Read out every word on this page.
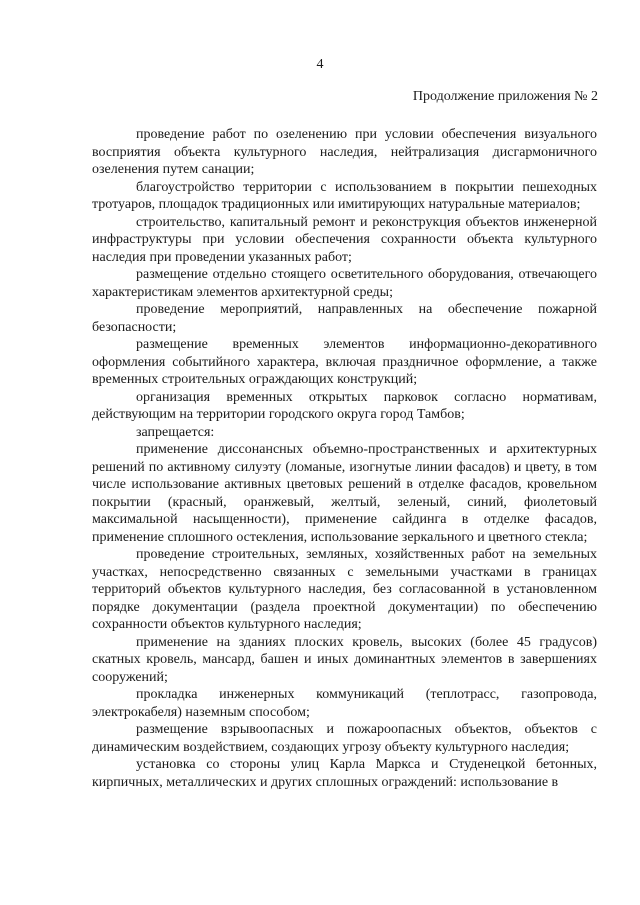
4
Продолжение приложения № 2

проведение работ по озеленению при условии обеспечения визуального восприятия объекта культурного наследия, нейтрализация дисгармоничного озеленения путем санации;

благоустройство территории с использованием в покрытии пешеходных тротуаров, площадок традиционных или имитирующих натуральные материалов;

строительство, капитальный ремонт и реконструкция объектов инженерной инфраструктуры при условии обеспечения сохранности объекта культурного наследия при проведении указанных работ;

размещение отдельно стоящего осветительного оборудования, отвечающего характеристикам элементов архитектурной среды;

проведение мероприятий, направленных на обеспечение пожарной безопасности;

размещение временных элементов информационно-декоративного оформления событийного характера, включая праздничное оформление, а также временных строительных ограждающих конструкций;

организация временных открытых парковок согласно нормативам, действующим на территории городского округа город Тамбов;

запрещается:

применение диссонансных объемно-пространственных и архитектурных решений по активному силуэту (ломаные, изогнутые линии фасадов) и цвету, в том числе использование активных цветовых решений в отделке фасадов, кровельном покрытии (красный, оранжевый, желтый, зеленый, синий, фиолетовый максимальной насыщенности), применение сайдинга в отделке фасадов, применение сплошного остекления, использование зеркального и цветного стекла;

проведение строительных, земляных, хозяйственных работ на земельных участках, непосредственно связанных с земельными участками в границах территорий объектов культурного наследия, без согласованной в установленном порядке документации (раздела проектной документации) по обеспечению сохранности объектов культурного наследия;

применение на зданиях плоских кровель, высоких (более 45 градусов) скатных кровель, мансард, башен и иных доминантных элементов в завершениях сооружений;

прокладка инженерных коммуникаций (теплотрасс, газопровода, электрокабеля) наземным способом;

размещение взрывоопасных и пожароопасных объектов, объектов с динамическим воздействием, создающих угрозу объекту культурного наследия;

установка со стороны улиц Карла Маркса и Студенецкой бетонных, кирпичных, металлических и других сплошных ограждений: использование в
